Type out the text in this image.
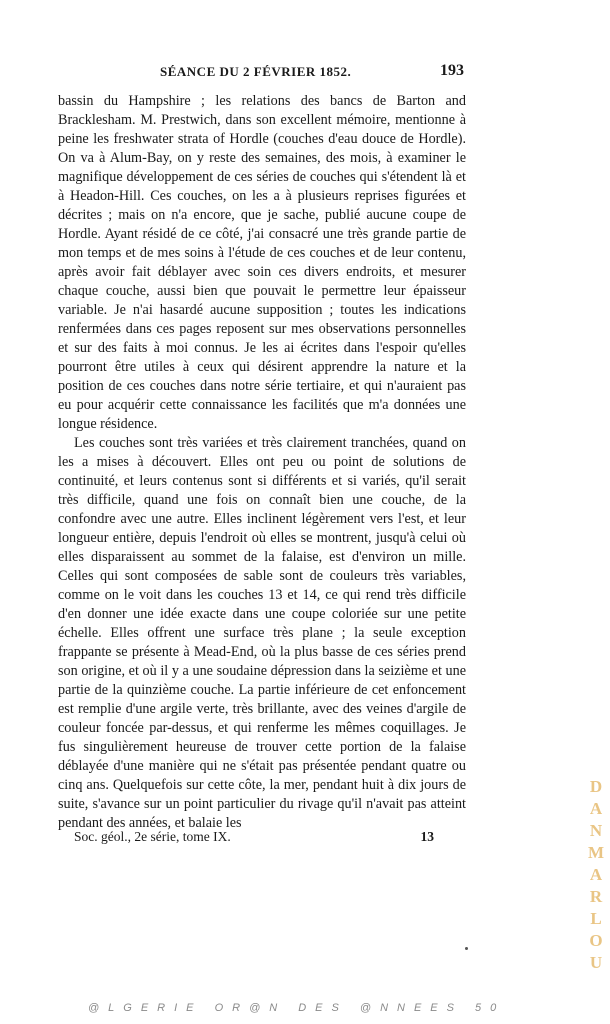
SÉANCE DU 2 FÉVRIER 1852.	193

bassin du Hampshire ; les relations des bancs de Barton and Bracklesham. M. Prestwich, dans son excellent mémoire, mentionne à peine les freshwater strata of Hordle (couches d'eau douce de Hordle). On va à Alum-Bay, on y reste des semaines, des mois, à examiner le magnifique développement de ces séries de couches qui s'étendent là et à Headon-Hill. Ces couches, on les a à plusieurs reprises figurées et décrites ; mais on n'a encore, que je sache, publié aucune coupe de Hordle. Ayant résidé de ce côté, j'ai consacré une très grande partie de mon temps et de mes soins à l'étude de ces couches et de leur contenu, après avoir fait déblayer avec soin ces divers endroits, et mesurer chaque couche, aussi bien que pouvait le permettre leur épaisseur variable. Je n'ai hasardé aucune supposition ; toutes les indications renfermées dans ces pages reposent sur mes observations personnelles et sur des faits à moi connus. Je les ai écrites dans l'espoir qu'elles pourront être utiles à ceux qui désirent apprendre la nature et la position de ces couches dans notre série tertiaire, et qui n'auraient pas eu pour acquérir cette connaissance les facilités que m'a données une longue résidence.

Les couches sont très variées et très clairement tranchées, quand on les a mises à découvert. Elles ont peu ou point de solutions de continuité, et leurs contenus sont si différents et si variés, qu'il serait très difficile, quand une fois on connaît bien une couche, de la confondre avec une autre. Elles inclinent légèrement vers l'est, et leur longueur entière, depuis l'endroit où elles se montrent, jusqu'à celui où elles disparaissent au sommet de la falaise, est d'environ un mille. Celles qui sont composées de sable sont de couleurs très variables, comme on le voit dans les couches 13 et 14, ce qui rend très difficile d'en donner une idée exacte dans une coupe coloriée sur une petite échelle. Elles offrent une surface très plane ; la seule exception frappante se présente à Mead-End, où la plus basse de ces séries prend son origine, et où il y a une soudaine dépression dans la seizième et une partie de la quinzième couche. La partie inférieure de cet enfoncement est remplie d'une argile verte, très brillante, avec des veines d'argile de couleur foncée par-dessus, et qui renferme les mêmes coquillages. Je fus singulièrement heureuse de trouver cette portion de la falaise déblayée d'une manière qui ne s'était pas présentée pendant quatre ou cinq ans. Quelquefois sur cette côte, la mer, pendant huit à dix jours de suite, s'avance sur un point particulier du rivage qu'il n'avait pas atteint pendant des années, et balaie les

Soc. géol., 2e série, tome IX.	13
@LGERIE OR@N DES @NNEES 50
DANMARLOU
